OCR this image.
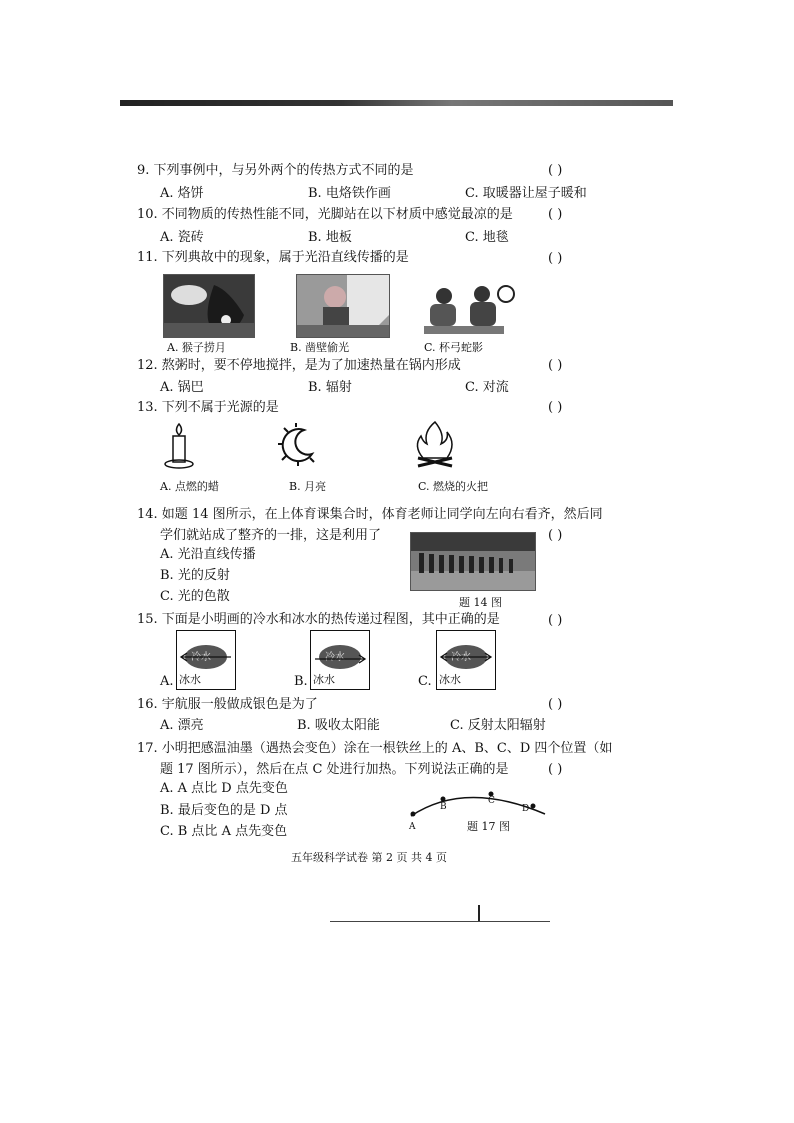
9. 下列事例中，与另外两个的传热方式不同的是	( )
A. 烙饼	B. 电烙铁作画	C. 取暖器让屋子暖和
10. 不同物质的传热性能不同，光脚站在以下材质中感觉最凉的是	( )
A. 瓷砖	B. 地板	C. 地毯
11. 下列典故中的现象，属于光沿直线传播的是	( )
A. 猴子捞月	B. 凿壁偷光	C. 杯弓蛇影
12. 熬粥时，要不停地搅拌，是为了加速热量在锅内形成	( )
A. 锅巴	B. 辐射	C. 对流
13. 下列不属于光源的是	( )
A. 点燃的蜡	B. 月亮	C. 燃烧的火把
14. 如题 14 图所示，在上体育课集合时，体育老师让同学向左向右看齐，然后同
学们就站成了整齐的一排，这是利用了	( )
A. 光沿直线传播
B. 光的反射
C. 光的色散	题 14 图
15. 下面是小明画的冷水和冰水的热传递过程图，其中正确的是	( )
A.
冷水
冰水	B.
冷水
冰水	C.
冷水
冰水
16. 宇航服一般做成银色是为了	( )
A. 漂亮	B. 吸收太阳能	C. 反射太阳辐射
17. 小明把感温油墨（遇热会变色）涂在一根铁丝上的 A、B、C、D 四个位置（如
题 17 图所示），然后在点 C 处进行加热。下列说法正确的是	( )
A. A 点比 D 点先变色
B. 最后变色的是 D 点
C. B 点比 A 点先变色	A
B
C
D
题 17 图
五年级科学试卷 第 2 页 共 4 页
